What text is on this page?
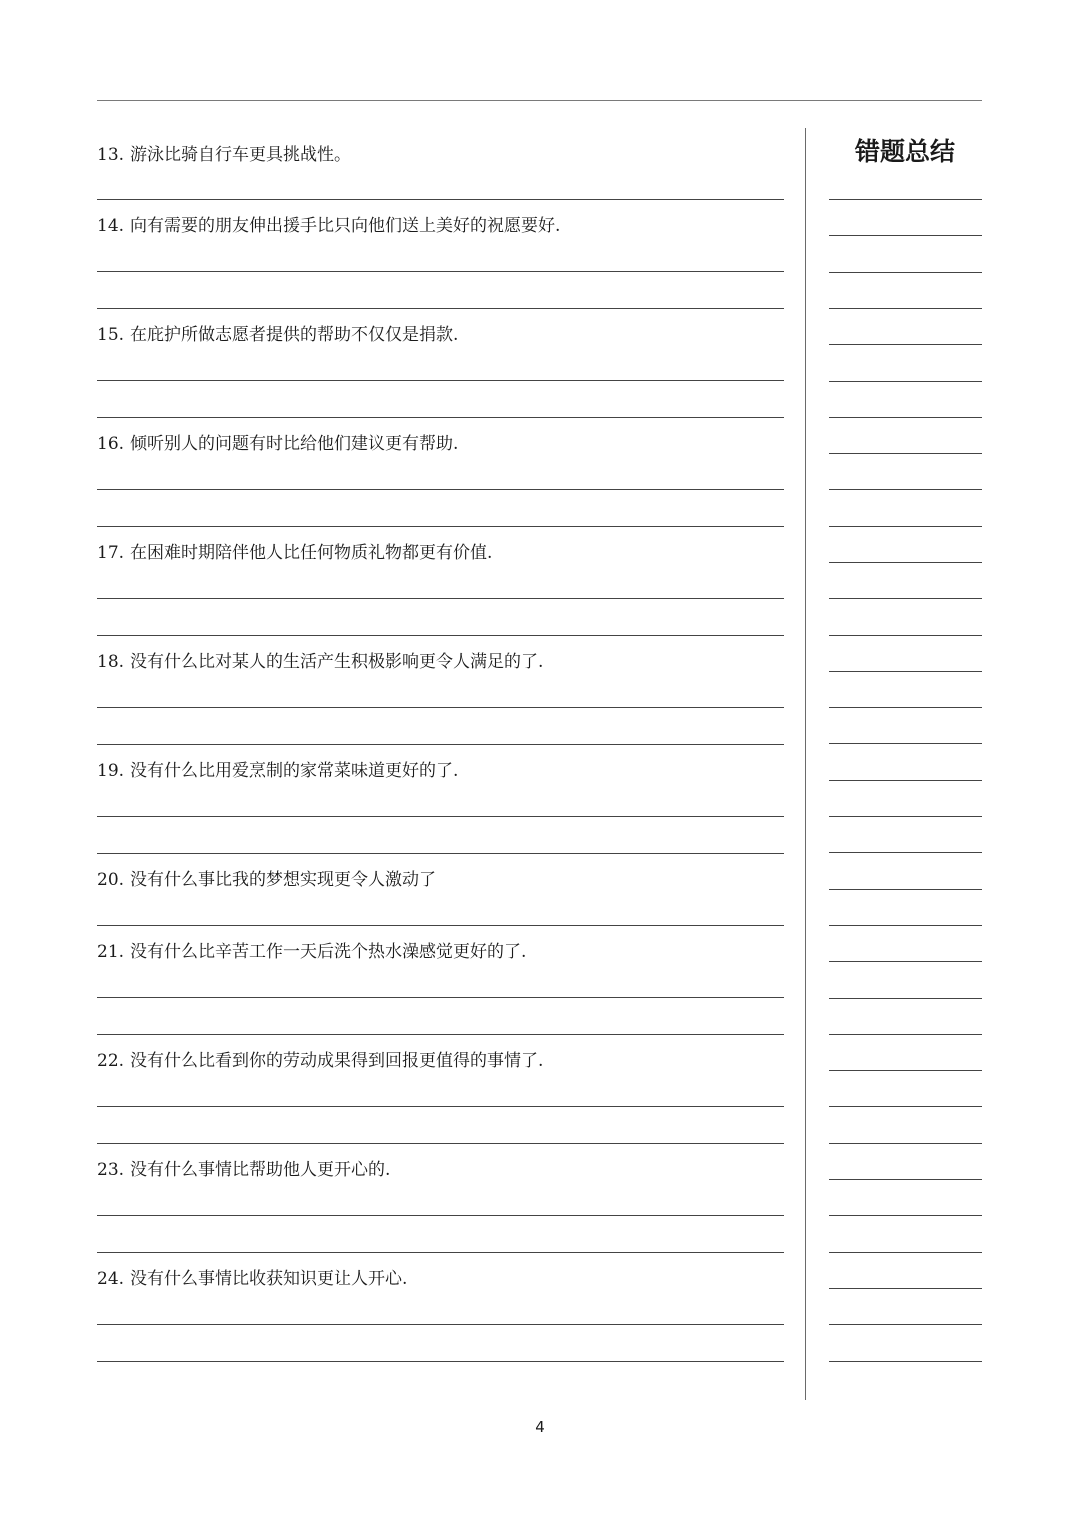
13. 游泳比骑自行车更具挑战性。
14. 向有需要的朋友伸出援手比只向他们送上美好的祝愿要好.
15. 在庇护所做志愿者提供的帮助不仅仅是捐款.
16. 倾听别人的问题有时比给他们建议更有帮助.
17. 在困难时期陪伴他人比任何物质礼物都更有价值.
18. 没有什么比对某人的生活产生积极影响更令人满足的了.
19. 没有什么比用爱烹制的家常菜味道更好的了.
20. 没有什么事比我的梦想实现更令人激动了
21. 没有什么比辛苦工作一天后洗个热水澡感觉更好的了.
22. 没有什么比看到你的劳动成果得到回报更值得的事情了.
23. 没有什么事情比帮助他人更开心的.
24. 没有什么事情比收获知识更让人开心.
错题总结
4
